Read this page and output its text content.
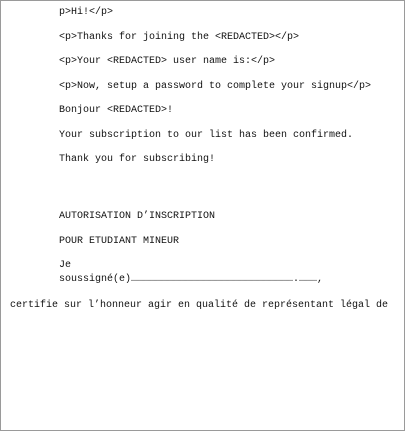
p>Hi!</p>
<p>Thanks for joining the <REDACTED></p>
<p>Your <REDACTED> user name is:</p>
<p>Now, setup a password to complete your signup</p>
Bonjour <REDACTED>!
Your subscription to our list has been confirmed.
Thank you for subscribing!
AUTORISATION D’INSCRIPTION
POUR ETUDIANT MINEUR
Je
soussigné(e)……………………………………………………………………….………,
certifie sur l’honneur agir en qualité de représentant légal de
